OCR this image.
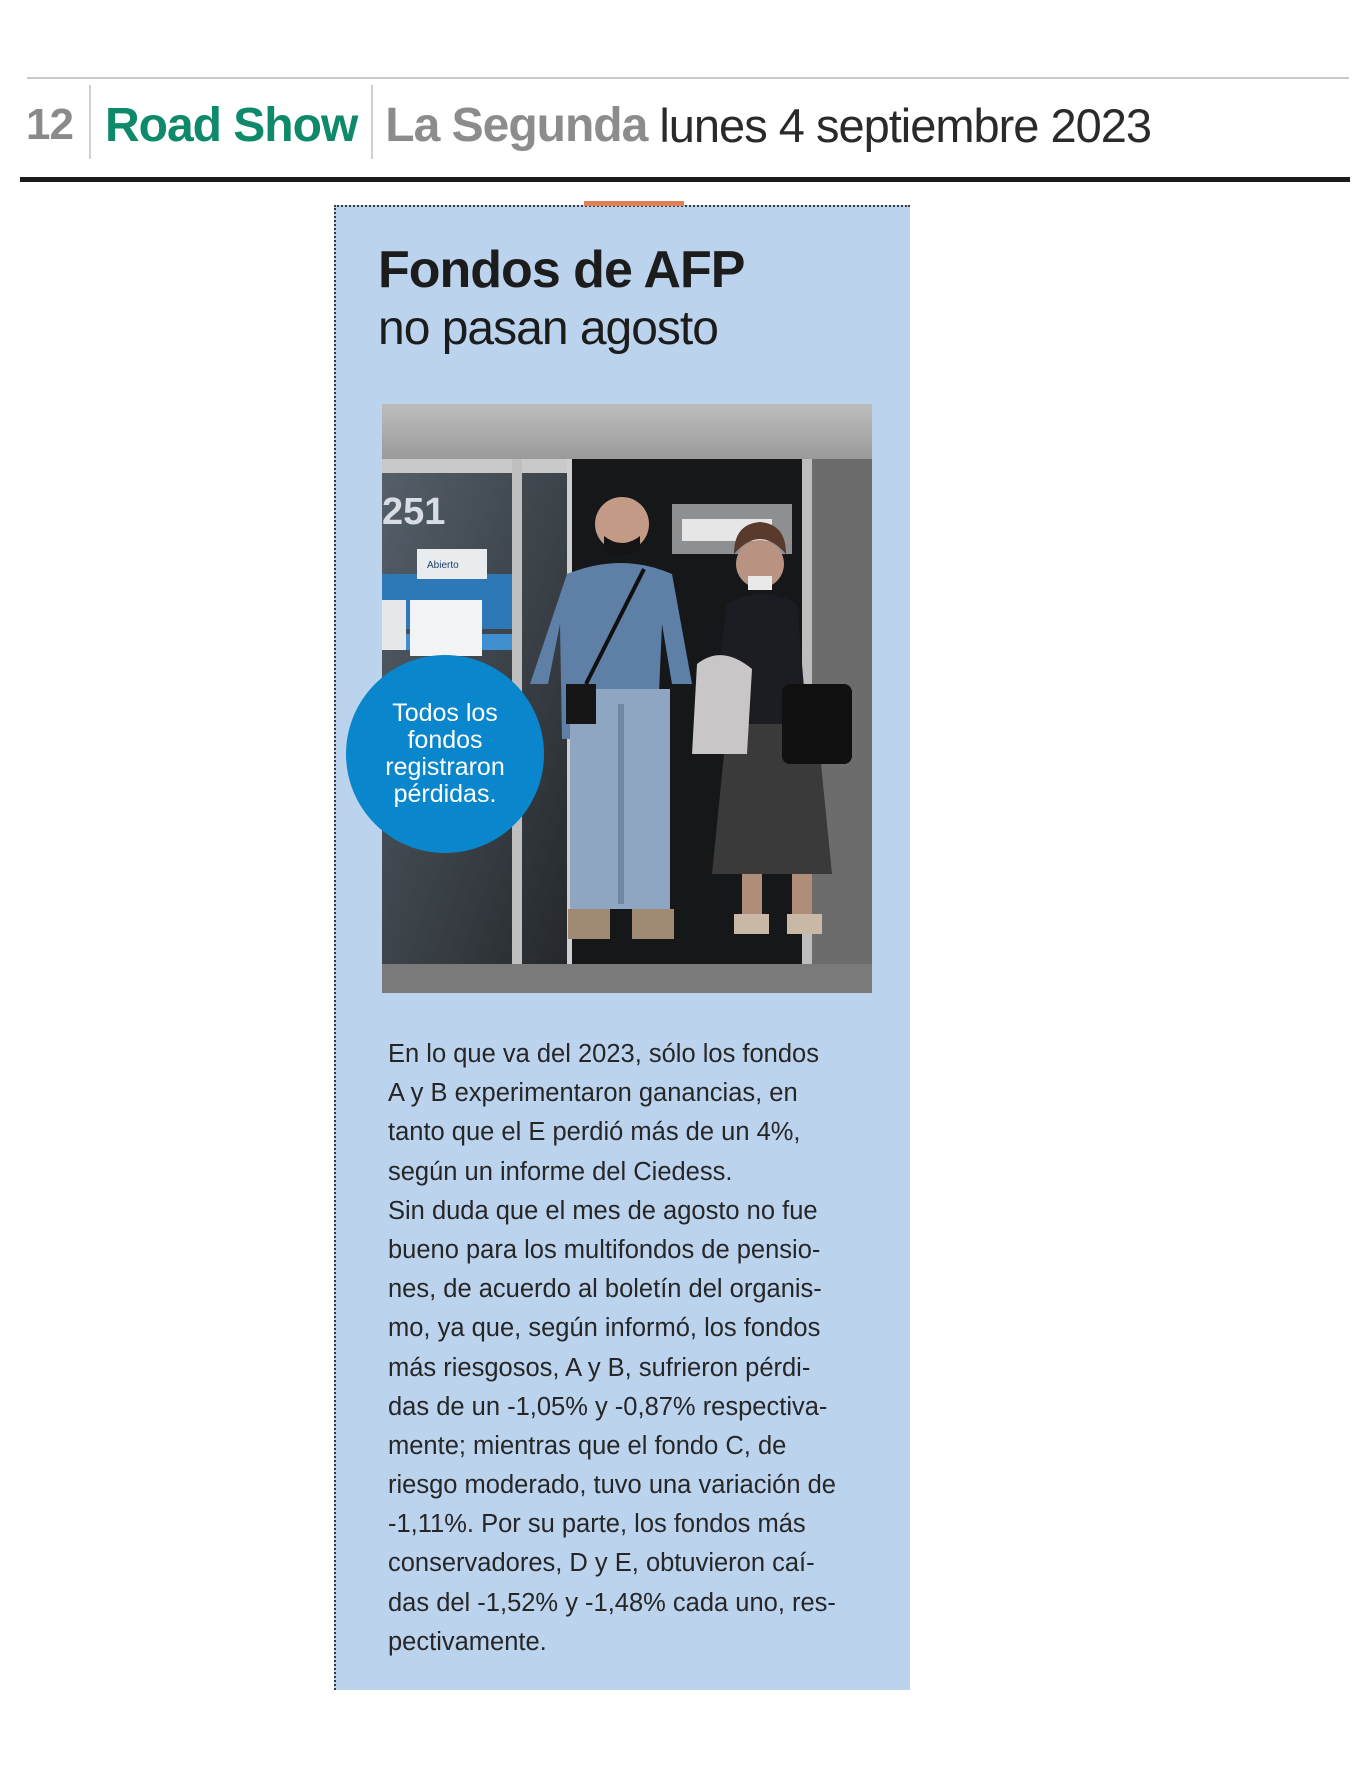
12 Road Show La Segunda lunes 4 septiembre 2023
Fondos de AFP
no pasan agosto
251
Abierto
Todos los
fondos
registraron
pérdidas.
En lo que va del 2023, sólo los fondos
A y B experimentaron ganancias, en
tanto que el E perdió más de un 4%,
según un informe del Ciedess.
Sin duda que el mes de agosto no fue
bueno para los multifondos de pensio-
nes, de acuerdo al boletín del organis-
mo, ya que, según informó, los fondos
más riesgosos, A y B, sufrieron pérdi-
das de un -1,05% y -0,87% respectiva-
mente; mientras que el fondo C, de
riesgo moderado, tuvo una variación de
-1,11%. Por su parte, los fondos más
conservadores, D y E, obtuvieron caí-
das del -1,52% y -1,48% cada uno, res-
pectivamente.
